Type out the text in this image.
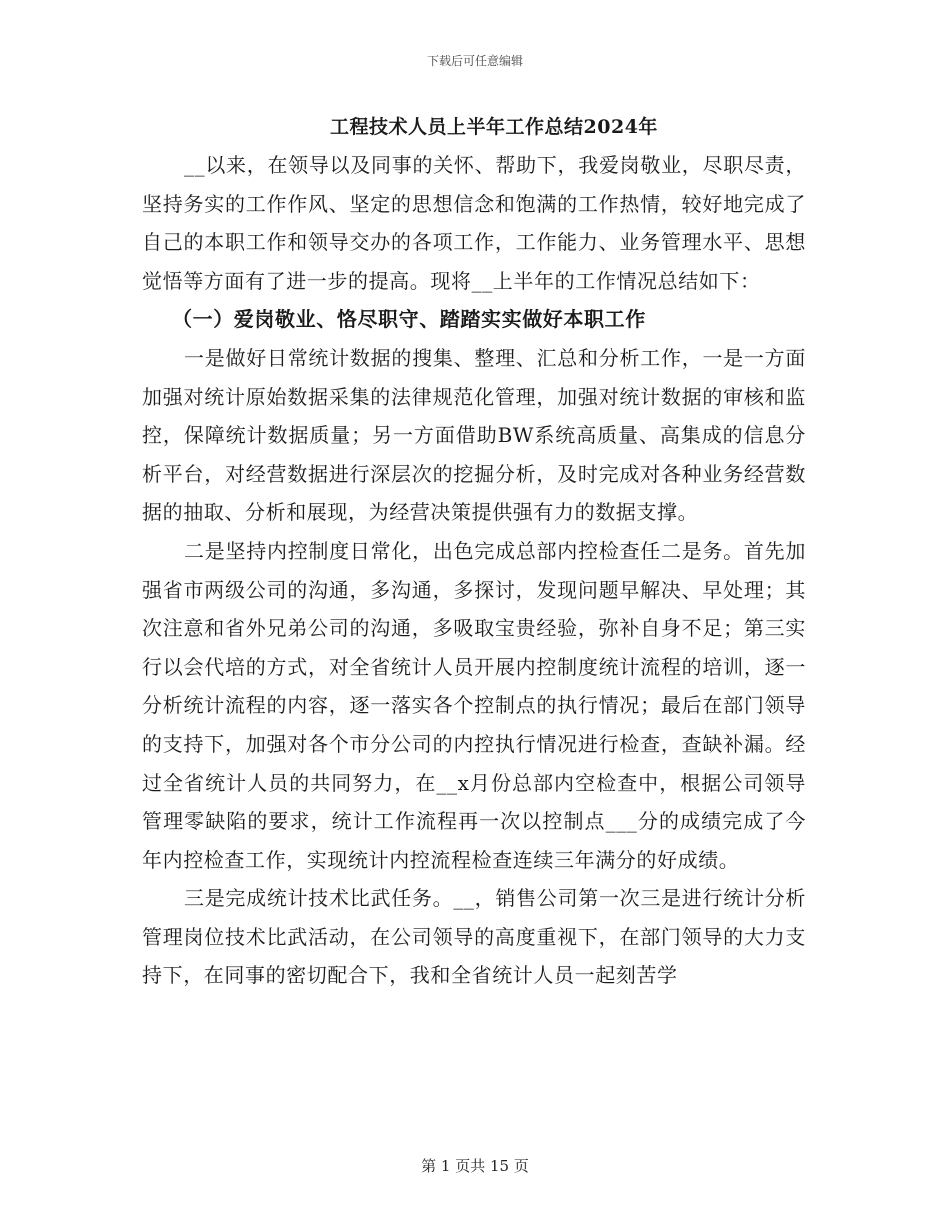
下载后可任意编辑
工程技术人员上半年工作总结2024年

__以来，在领导以及同事的关怀、帮助下，我爱岗敬业，尽职尽责，坚持务实的工作作风、坚定的思想信念和饱满的工作热情，较好地完成了自己的本职工作和领导交办的各项工作，工作能力、业务管理水平、思想觉悟等方面有了进一步的提高。现将__上半年的工作情况总结如下：

（一）爱岗敬业、恪尽职守、踏踏实实做好本职工作

一是做好日常统计数据的搜集、整理、汇总和分析工作，一是一方面加强对统计原始数据采集的法律规范化管理，加强对统计数据的审核和监控，保障统计数据质量；另一方面借助BW系统高质量、高集成的信息分析平台，对经营数据进行深层次的挖掘分析，及时完成对各种业务经营数据的抽取、分析和展现，为经营决策提供强有力的数据支撑。

二是坚持内控制度日常化，出色完成总部内控检查任二是务。首先加强省市两级公司的沟通，多沟通，多探讨，发现问题早解决、早处理；其次注意和省外兄弟公司的沟通，多吸取宝贵经验，弥补自身不足；第三实行以会代培的方式，对全省统计人员开展内控制度统计流程的培训，逐一分析统计流程的内容，逐一落实各个控制点的执行情况；最后在部门领导的支持下，加强对各个市分公司的内控执行情况进行检查，查缺补漏。经过全省统计人员的共同努力，在__x月份总部内空检查中，根据公司领导管理零缺陷的要求，统计工作流程再一次以控制点___分的成绩完成了今年内控检查工作，实现统计内控流程检查连续三年满分的好成绩。

三是完成统计技术比武任务。__，销售公司第一次三是进行统计分析管理岗位技术比武活动，在公司领导的高度重视下，在部门领导的大力支持下，在同事的密切配合下，我和全省统计人员一起刻苦学

第 1 页共 15 页
